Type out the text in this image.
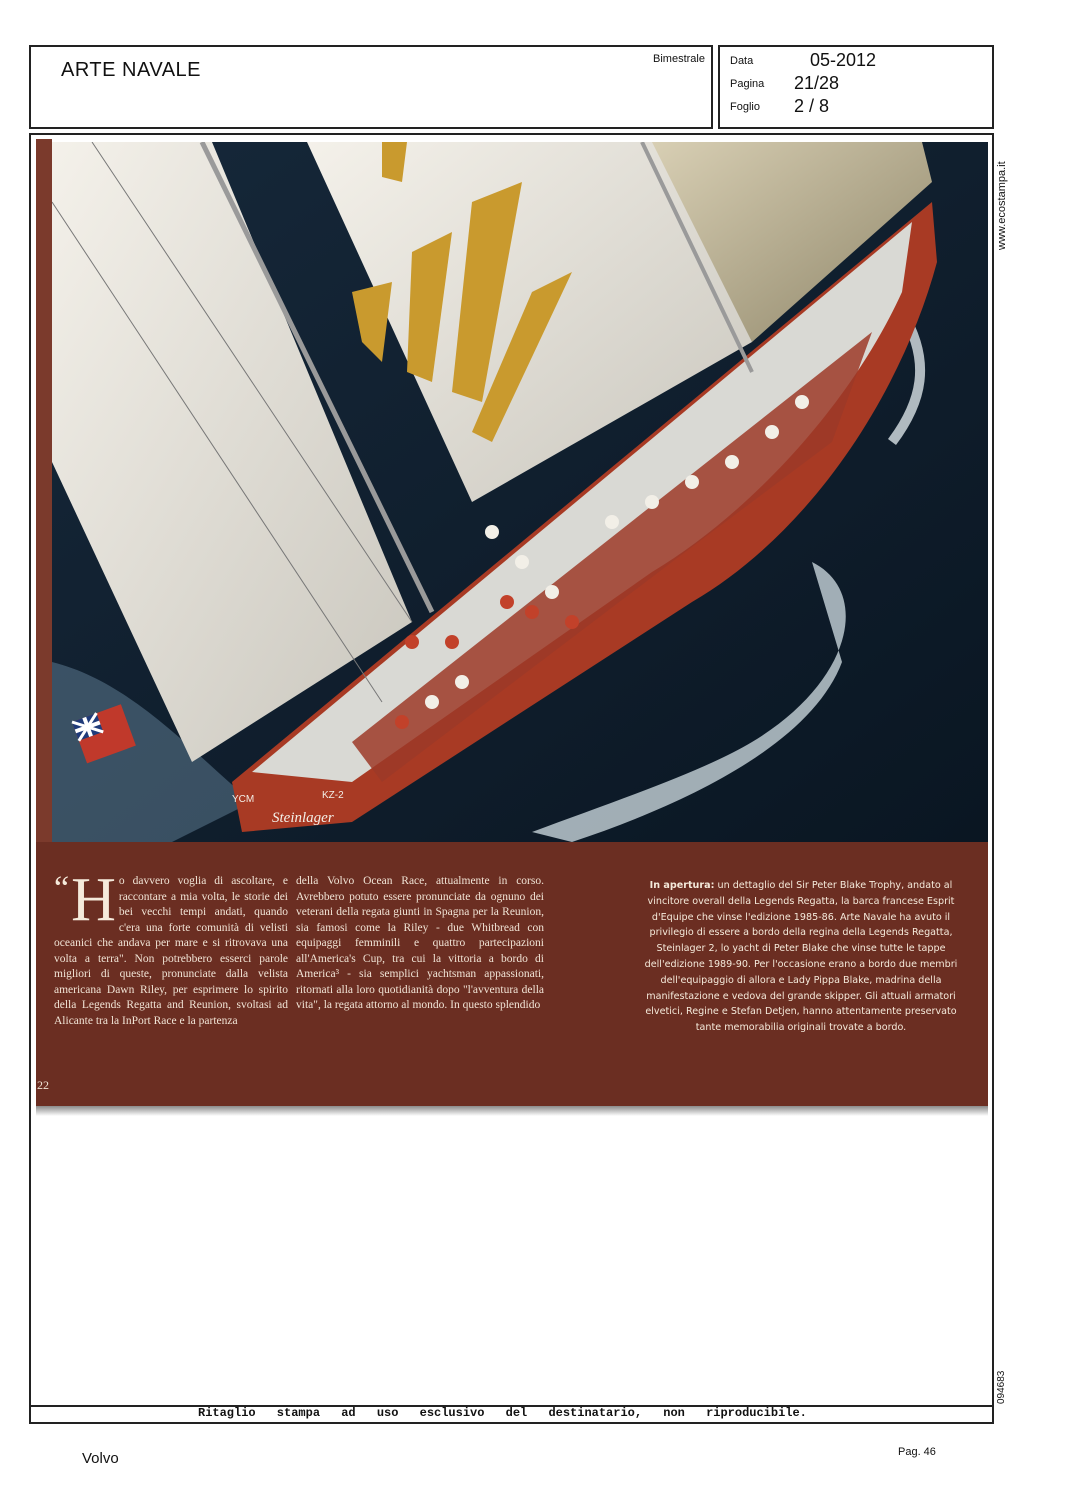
ARTE NAVALE	Bimestrale Data	05-2012
Pagina 21/28
Foglio 2 / 8
YCM
Steinlager
KZ-2
“ H o davvero voglia di ascoltare, e raccontare a mia volta, le storie dei bei vecchi tempi andati, quando c'era una forte comunità di velisti oceanici che andava per mare e si ritrovava una volta a terra". Non potrebbero esserci parole migliori di queste, pronunciate dalla velista americana Dawn Riley, per esprimere lo spirito della Legends Regatta and Reunion, svoltasi ad Alicante tra la InPort Race e la partenza
della Volvo Ocean Race, attualmente in corso. Avrebbero potuto essere pronunciate da ognuno dei veterani della regata giunti in Spagna per la Reunion, sia famosi come la Riley - due Whitbread con equipaggi femminili e quattro partecipazioni all'America's Cup, tra cui la vittoria a bordo di America³ - sia semplici yachtsman appassionati, ritornati alla loro quotidianità dopo "l'avventura della vita", la regata attorno al mondo. In questo splendido
In apertura: un dettaglio del Sir Peter Blake Trophy, andato al vincitore overall della Legends Regatta, la barca francese Esprit d'Equipe che vinse l'edizione 1985-86. Arte Navale ha avuto il privilegio di essere a bordo della regina della Legends Regatta, Steinlager 2, lo yacht di Peter Blake che vinse tutte le tappe dell'edizione 1989-90. Per l'occasione erano a bordo due membri dell'equipaggio di allora e Lady Pippa Blake, madrina della manifestazione e vedova del grande skipper. Gli attuali armatori elvetici, Regine e Stefan Detjen, hanno attentamente preservato tante memorabilia originali trovate a bordo.
22
www.ecostampa.it
094683
Ritaglio stampa ad uso esclusivo del destinatario, non riproducibile.
Volvo	Pag. 46
